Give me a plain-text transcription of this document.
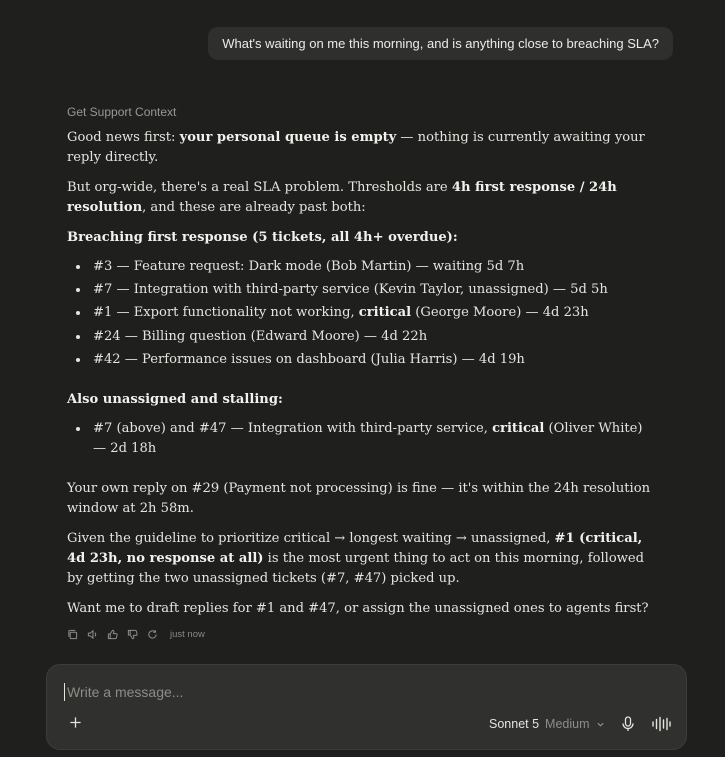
What's waiting on me this morning, and is anything close to breaching SLA?
Get Support Context

Good news first: your personal queue is empty — nothing is currently awaiting your reply directly.

But org-wide, there's a real SLA problem. Thresholds are 4h first response / 24h resolution, and these are already past both:

Breaching first response (5 tickets, all 4h+ overdue):

#3 — Feature request: Dark mode (Bob Martin) — waiting 5d 7h
#7 — Integration with third-party service (Kevin Taylor, unassigned) — 5d 5h
#1 — Export functionality not working, critical (George Moore) — 4d 23h
#24 — Billing question (Edward Moore) — 4d 22h
#42 — Performance issues on dashboard (Julia Harris) — 4d 19h

Also unassigned and stalling:

#7 (above) and #47 — Integration with third-party service, critical (Oliver White) — 2d 18h

Your own reply on #29 (Payment not processing) is fine — it's within the 24h resolution window at 2h 58m.

Given the guideline to prioritize critical → longest waiting → unassigned, #1 (critical, 4d 23h, no response at all) is the most urgent thing to act on this morning, followed by getting the two unassigned tickets (#7, #47) picked up.

Want me to draft replies for #1 and #47, or assign the unassigned ones to agents first?

just now
Write a message...
Sonnet 5 Medium
